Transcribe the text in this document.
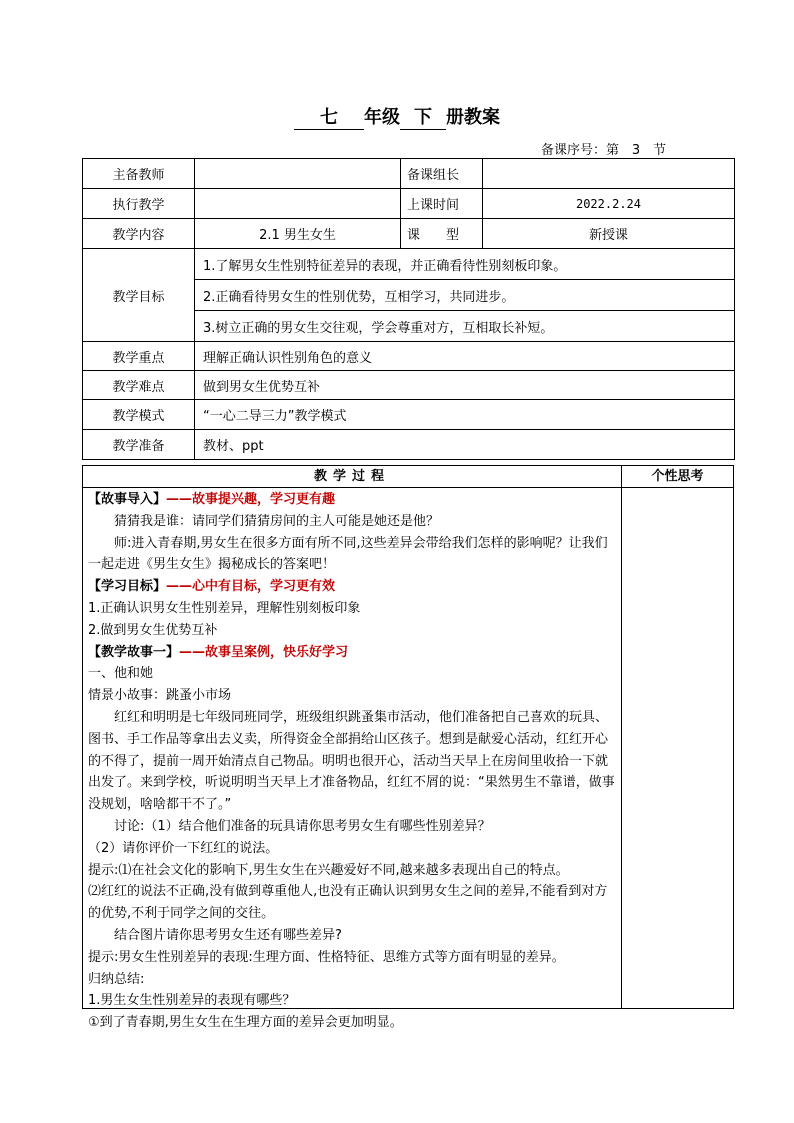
七 年级 下 册教案
备课序号：第 3 节
主备教师		备课组长	
执行教学		上课时间	2022.2.24
教学内容	2.1 男生女生	课　　型	新授课
教学目标	1.了解男女生性别特征差异的表现，并正确看待性别刻板印象。		
	2.正确看待男女生的性别优势，互相学习，共同进步。		
	3.树立正确的男女生交往观，学会尊重对方，互相取长补短。		
教学重点	理解正确认识性别角色的意义		
教学难点	做到男女生优势互补		
教学模式	“一心二导三力”教学模式		
教学准备	教材、ppt		
教学过程	个性思考

【故事导入】——故事提兴趣，学习更有趣

猜猜我是谁：请同学们猜猜房间的主人可能是她还是他？

师:进入青春期,男女生在很多方面有所不同,这些差异会带给我们怎样的影响呢？让我们一起走进《男生女生》揭秘成长的答案吧！

【学习目标】——心中有目标，学习更有效

1.正确认识男女生性别差异，理解性别刻板印象

2.做到男女生优势互补

【教学故事一】——故事呈案例，快乐好学习

一、他和她

情景小故事：跳蚤小市场

红红和明明是七年级同班同学，班级组织跳蚤集市活动，他们准备把自己喜欢的玩具、图书、手工作品等拿出去义卖，所得资金全部捐给山区孩子。想到是献爱心活动，红红开心的不得了，提前一周开始清点自己物品。明明也很开心，活动当天早上在房间里收拾一下就出发了。来到学校，听说明明当天早上才准备物品，红红不屑的说：“果然男生不靠谱，做事没规划，啥啥都干不了。”

讨论:（1）结合他们准备的玩具请你思考男女生有哪些性别差异？

（2）请你评价一下红红的说法。

提示:⑴在社会文化的影响下,男生女生在兴趣爱好不同,越来越多表现出自己的特点。

⑵红红的说法不正确,没有做到尊重他人,也没有正确认识到男女生之间的差异,不能看到对方的优势,不利于同学之间的交往。

结合图片请你思考男女生还有哪些差异?

提示:男女生性别差异的表现:生理方面、性格特征、思维方式等方面有明显的差异。

归纳总结:

1.男生女生性别差异的表现有哪些？

①到了青春期,男生女生在生理方面的差异会更加明显。
